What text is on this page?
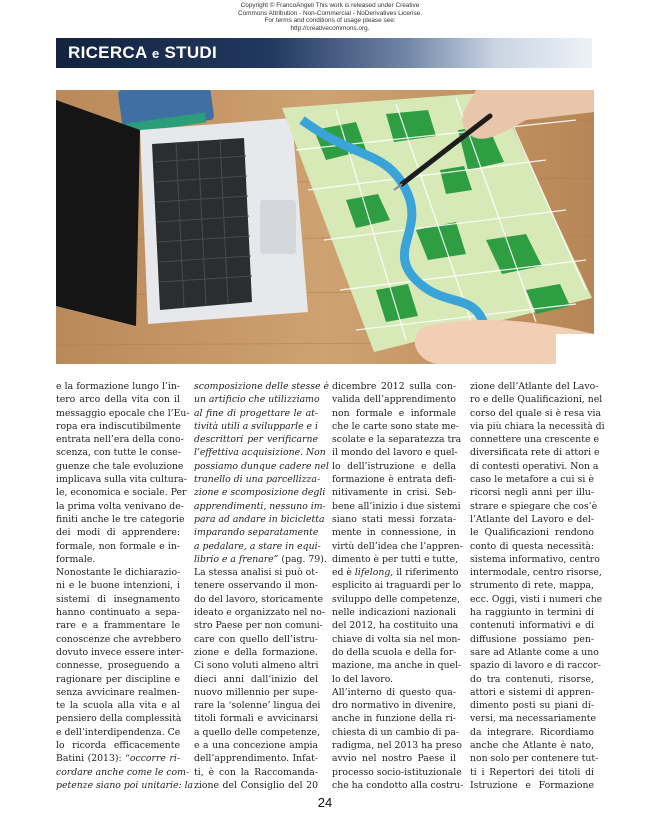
Copyright © FrancoAngeli This work is released under Creative
Commons Attribution - Non-Commercial - NoDerivatives License.
For terms and conditions of usage please see:
http://creativecommons.org.
RICERCA e STUDI
e la formazione lungo l’in-
tero arco della vita con il
messaggio epocale che l’Eu-
ropa era indiscutibilmente
entrata nell’era della cono-
scenza, con tutte le conse-
guenze che tale evoluzione
implicava sulla vita cultura-
le, economica e sociale. Per
la prima volta venivano de-
finiti anche le tre categorie
dei modi di apprendere:
formale, non formale e in-
formale.
Nonostante le dichiarazio-
ni e le buone intenzioni, i
sistemi di insegnamento
hanno continuato a sepa-
rare e a frammentare le
conoscenze che avrebbero
dovuto invece essere inter-
connesse, proseguendo a
ragionare per discipline e
senza avvicinare realmen-
te la scuola alla vita e al
pensiero della complessità
e dell’interdipendenza. Ce
lo ricorda efficacemente
Batini (2013): “occorre ri-
cordare anche come le com-
petenze siano poi unitarie: la
scomposizione delle stesse è
un artificio che utilizziamo
al fine di progettare le at-
tività utili a svilupparle e i
descrittori per verificarne
l’effettiva acquisizione. Non
possiamo dunque cadere nel
tranello di una parcellizza-
zione e scomposizione degli
apprendimenti, nessuno im-
para ad andare in bicicletta
imparando separatamente
a pedalare, a stare in equi-
librio e a frenare” (pag. 79).
La stessa analisi si può ot-
tenere osservando il mon-
do del lavoro, storicamente
ideato e organizzato nel no-
stro Paese per non comuni-
care con quello dell’istru-
zione e della formazione.
Ci sono voluti almeno altri
dieci anni dall’inizio del
nuovo millennio per supe-
rare la ‘solenne’ lingua dei
titoli formali e avvicinarsi
a quello delle competenze,
e a una concezione ampia
dell’apprendimento. Infat-
ti, è con la Raccomanda-
zione del Consiglio del 20
dicembre 2012 sulla con-
valida dell’apprendimento
non formale e informale
che le carte sono state me-
scolate e la separatezza tra
il mondo del lavoro e quel-
lo dell’istruzione e della
formazione è entrata defi-
nitivamente in crisi. Seb-
bene all’inizio i due sistemi
siano stati messi forzata-
mente in connessione, in
virtù dell’idea che l’appren-
dimento è per tutti e tutte,
ed è lifelong, il riferimento
esplicito ai traguardi per lo
sviluppo delle competenze,
nelle indicazioni nazionali
del 2012, ha costituito una
chiave di volta sia nel mon-
do della scuola e della for-
mazione, ma anche in quel-
lo del lavoro.
All’interno di questo qua-
dro normativo in divenire,
anche in funzione della ri-
chiesta di un cambio di pa-
radigma, nel 2013 ha preso
avvio nel nostro Paese il
processo socio-istituzionale
che ha condotto alla costru-
zione dell’Atlante del Lavo-
ro e delle Qualificazioni, nel
corso del quale si è resa via
via più chiara la necessità di
connettere una crescente e
diversificata rete di attori e
di contesti operativi. Non a
caso le metafore a cui si è
ricorsi negli anni per illu-
strare e spiegare che cos’è
l’Atlante del Lavoro e del-
le Qualificazioni rendono
conto di questa necessità:
sistema informativo, centro
intermodale, centro risorse,
strumento di rete, mappa,
ecc. Oggi, visti i numeri che
ha raggiunto in termini di
contenuti informativi e di
diffusione possiamo pen-
sare ad Atlante come a uno
spazio di lavoro e di raccor-
do tra contenuti, risorse,
attori e sistemi di appren-
dimento posti su piani di-
versi, ma necessariamente
da integrare. Ricordiamo
anche che Atlante è nato,
non solo per contenere tut-
ti i Repertori dei titoli di
Istruzione e Formazione
24
